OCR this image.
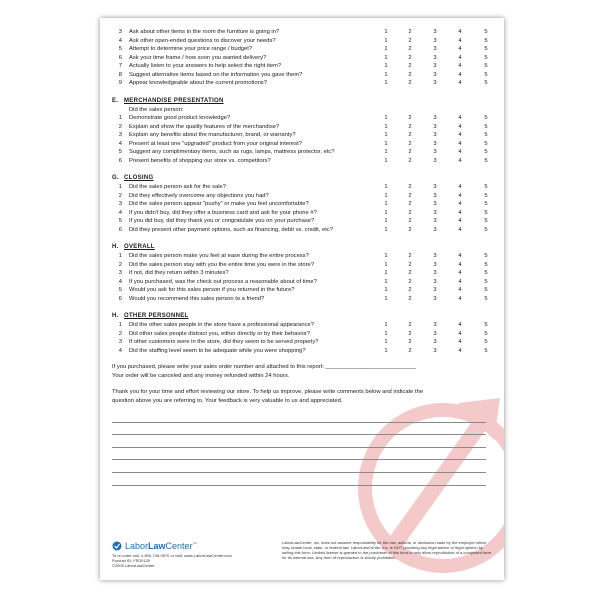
3 Ask about other items in the room the furniture is going in?	1	2	3	4	5
4 Ask other open-ended questions to discover your needs?	1	2	3	4	5
5 Attempt to determine your price range / budget?	1	2	3	4	5
6 Ask your time frame / how soon you wanted delivery?	1	2	3	4	5
7 Actually listen to your answers to help select the right item?	1	2	3	4	5
8 Suggest alternative items based on the information you gave them?	1	2	3	4	5
9 Appear knowledgeable about the current promotions?	1	2	3	4	5
E. MERCHANDISE PRESENTATION
Did the sales person:
1 Demonstrate good product knowledge?	1	2	3	4	5
2 Explain and show the quality features of the merchandise?	1	2	3	4	5
3 Explain any benefits about the manufacturer, brand, or warranty?	1	2	3	4	5
4 Present at least one "upgraded" product from your original interest?	1	2	3	4	5
5 Suggest any complimentary items, such as rugs, lamps, mattress protector, etc?	1	2	3	4	5
6 Present benefits of shopping our store vs. competitors?	1	2	3	4	5
G. CLOSING
1 Did the sales person ask for the sale?	1	2	3	4	5
2 Did they effectively overcome any objections you had?	1	2	3	4	5
3 Did the sales person appear "pushy" or make you feel uncomfortable?	1	2	3	4	5
4 If you didn't buy, did they offer a business card and ask for your phone #?	1	2	3	4	5
5 If you did buy, did they thank you or congratulate you on your purchase?	1	2	3	4	5
6 Did they present other payment options, such as financing, debit vs. credit, etc?	1	2	3	4	5
H. OVERALL
1 Did the sales person make you feel at ease during the entire process?	1	2	3	4	5
2 Did the sales person stay with you the entire time you were in the store?	1	2	3	4	5
3 If not, did they return within 3 minutes?	1	2	3	4	5
4 If you purchased, was the check out process a reasonable about of time?	1	2	3	4	5
5 Would you ask for this sales person if you returned in the future?	1	2	3	4	5
6 Would you recommend this sales person to a friend?	1	2	3	4	5
H. OTHER PERSONNEL
1 Did the other sales people in the store have a professional appearance?	1	2	3	4	5
2 Did other sales people distract you, either directly or by their behavior?	1	2	3	4	5
3 If other customers were in the store, did they seem to be served properly?	1	2	3	4	5
4 Did the staffing level seem to be adequate while you were shopping?	1	2	3	4	5
If you purchased, please write your sales order number and attached to this report: ____________________________
Your order will be canceled and any money refunded within 24 hours.
Thank you for your time and effort reviewing our store. To help us improve, please write comments below and indicate the
question above you are referring to. Your feedback is very valuable to us and appreciated.
LaborLawCenter™
To re-order call, 1-800-745-9970 or visit, www.LaborLawCenter.com
Product ID: FED0120
©2005 LaborLawCenter
LaborLawCenter, Inc. does not assume responsibility for the use, actions, or decisions made by the employer which may violate local, state, or federal law. LaborLawCenter, Inc. is NOT providing any legal advice or legal opinion by selling this form. Limited license is granted to the purchaser of this form to only allow reproduction of a completed form for its internal use. Any form of reproduction is strictly prohibited.
